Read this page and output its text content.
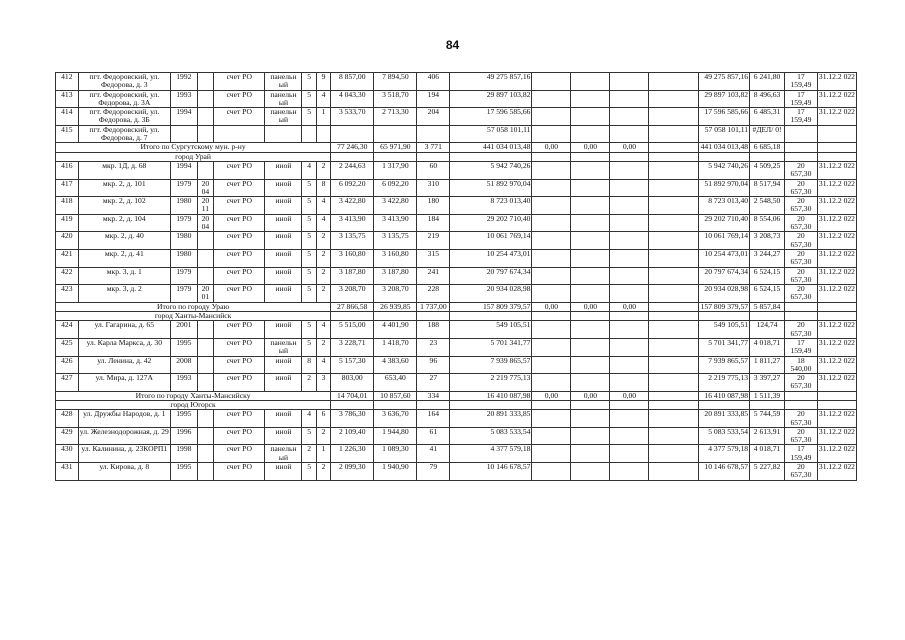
84
412	пгт. Федоровский, ул. Федорова, д. 3	1992		счет РО	панельн ый	5	9	8 857,00	7 894,50	406	49 275 857,16					49 275 857,16	6 241,80	17 159,49	31.12.2 022
413	пгт. Федоровский, ул. Федорова, д. 3А	1993		счет РО	панельн ый	5	4	4 043,30	3 518,70	194	29 897 103,82					29 897 103,82	8 496,63	17 159,49	31.12.2 022
414	пгт. Федоровский, ул. Федорова, д. 3Б	1994		счет РО	панельн ый	5	1	3 533,70	2 713,30	204	17 596 585,66					17 596 585,66	6 485,31	17 159,49	31.12.2 022
415	пгт. Федоровский, ул. Федорова, д. 7										57 058 101,11					57 058 101,11	#ДЕЛ/ 0!		
Итого по Сургутскому мун. р-ну								77 246,30	65 971,90	3 771	441 034 013,48	0,00	0,00	0,00		441 034 013,48	6 685,18		
город Урай																			
416	мкр. 1Д, д. 68	1994		счет РО	иной	4	2	2 244,63	1 317,90	60	5 942 740,26					5 942 740,26	4 509,25	20 657,30	31.12.2 022
417	мкр. 2, д. 101	1979	20 04	счет РО	иной	5	8	6 092,20	6 092,20	310	51 892 970,04					51 892 970,04	8 517,94	20 657,30	31.12.2 022
418	мкр. 2, д. 102	1980	20 11	счет РО	иной	5	4	3 422,80	3 422,80	180	8 723 013,40					8 723 013,40	2 548,50	20 657,30	31.12.2 022
419	мкр. 2, д. 104	1979	20 04	счет РО	иной	5	4	3 413,90	3 413,90	184	29 202 710,40					29 202 710,40	8 554,06	20 657,30	31.12.2 022
420	мкр. 2, д. 40	1980		счет РО	иной	5	2	3 135,75	3 135,75	219	10 061 769,14					10 061 769,14	3 208,73	20 657,30	31.12.2 022
421	мкр. 2, д. 41	1980		счет РО	иной	5	2	3 160,80	3 160,80	315	10 254 473,01					10 254 473,01	3 244,27	20 657,30	31.12.2 022
422	мкр. 3, д. 1	1979		счет РО	иной	5	2	3 187,80	3 187,80	241	20 797 674,34					20 797 674,34	6 524,15	20 657,30	31.12.2 022
423	мкр. 3, д. 2	1979	20 01	счет РО	иной	5	2	3 208,70	3 208,70	228	20 934 028,98					20 934 028,98	6 524,15	20 657,30	31.12.2 022
Итого по городу Ураю								27 866,58	26 939,85	1 737,00	157 809 379,57	0,00	0,00	0,00		157 809 379,57	5 857,84		
город Ханты-Мансийск																			
424	ул. Гагарина, д. 65	2001		счет РО	иной	5	4	5 515,00	4 401,90	188	549 105,51					549 105,51	124,74	20 657,30	31.12.2 022
425	ул. Карла Маркса, д. 30	1995		счет РО	панельн ый	5	2	3 228,71	1 418,70	23	5 701 341,77					5 701 341,77	4 018,71	17 159,49	31.12.2 022
426	ул. Ленина, д. 42	2008		счет РО	иной	8	4	5 157,30	4 383,60	96	7 939 865,57					7 939 865,57	1 811,27	18 540,00	31.12.2 022
427	ул. Мира, д. 127А	1993		счет РО	иной	2	3	803,00	653,40	27	2 219 775,13					2 219 775,13	3 397,27	20 657,30	31.12.2 022
Итого по городу Ханты-Мансийску								14 704,01	10 857,60	334	16 410 087,98	0,00	0,00	0,00		16 410 087,98	1 511,39		
город Югорск																			
428	ул. Дружбы Народов, д. 1	1995		счет РО	иной	4	6	3 786,30	3 636,70	164	20 891 333,85					20 891 333,85	5 744,59	20 657,30	31.12.2 022
429	ул. Железнодорожная, д. 29	1996		счет РО	иной	5	2	2 109,40	1 944,80	61	5 083 533,54					5 083 533,54	2 613,91	20 657,30	31.12.2 022
430	ул. Калинина, д. 23КОРП1	1998		счет РО	панельн ый	2	1	1 226,30	1 089,30	41	4 377 579,18					4 377 579,18	4 018,71	17 159,49	31.12.2 022
431	ул. Кирова, д. 8	1995		счет РО	иной	5	2	2 099,30	1 940,90	79	10 146 678,57					10 146 678,57	5 227,82	20 657,30	31.12.2 022
